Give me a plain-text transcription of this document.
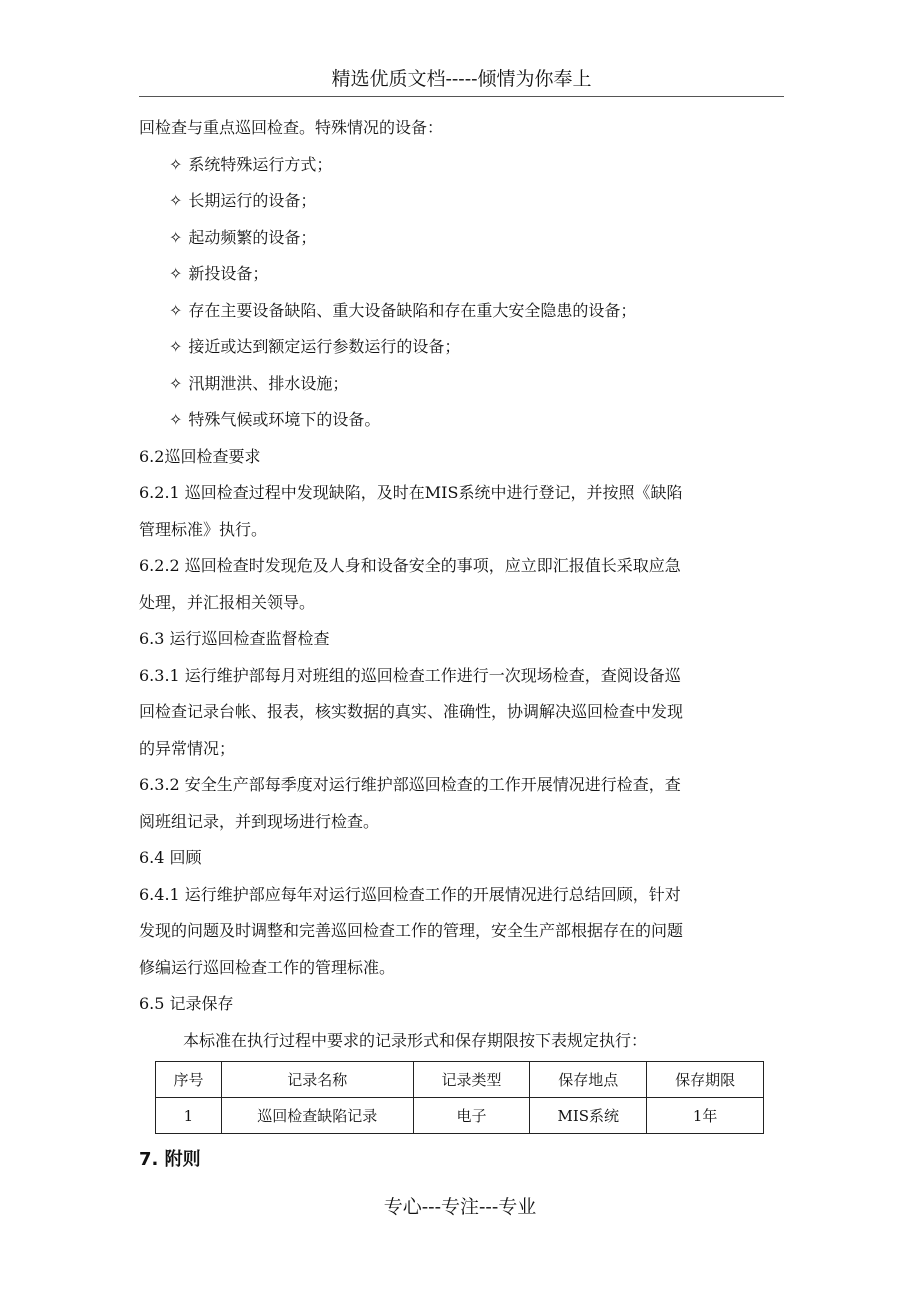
精选优质文档-----倾情为你奉上
回检查与重点巡回检查。特殊情况的设备：
✧ 系统特殊运行方式；
✧ 长期运行的设备；
✧ 起动频繁的设备；
✧ 新投设备；
✧ 存在主要设备缺陷、重大设备缺陷和存在重大安全隐患的设备；
✧ 接近或达到额定运行参数运行的设备；
✧ 汛期泄洪、排水设施；
✧ 特殊气候或环境下的设备。
6.2巡回检查要求
6.2.1 巡回检查过程中发现缺陷，及时在MIS系统中进行登记，并按照《缺陷
管理标准》执行。
6.2.2 巡回检查时发现危及人身和设备安全的事项，应立即汇报值长采取应急
处理，并汇报相关领导。
6.3 运行巡回检查监督检查
6.3.1 运行维护部每月对班组的巡回检查工作进行一次现场检查，查阅设备巡
回检查记录台帐、报表，核实数据的真实、准确性，协调解决巡回检查中发现
的异常情况；
6.3.2 安全生产部每季度对运行维护部巡回检查的工作开展情况进行检查，查
阅班组记录，并到现场进行检查。
6.4 回顾
6.4.1 运行维护部应每年对运行巡回检查工作的开展情况进行总结回顾，针对
发现的问题及时调整和完善巡回检查工作的管理，安全生产部根据存在的问题
修编运行巡回检查工作的管理标准。
6.5 记录保存
本标准在执行过程中要求的记录形式和保存期限按下表规定执行：
序号	记录名称	记录类型	保存地点	保存期限
1	巡回检查缺陷记录	电子	MIS系统	1年
7. 附则
专心---专注---专业
